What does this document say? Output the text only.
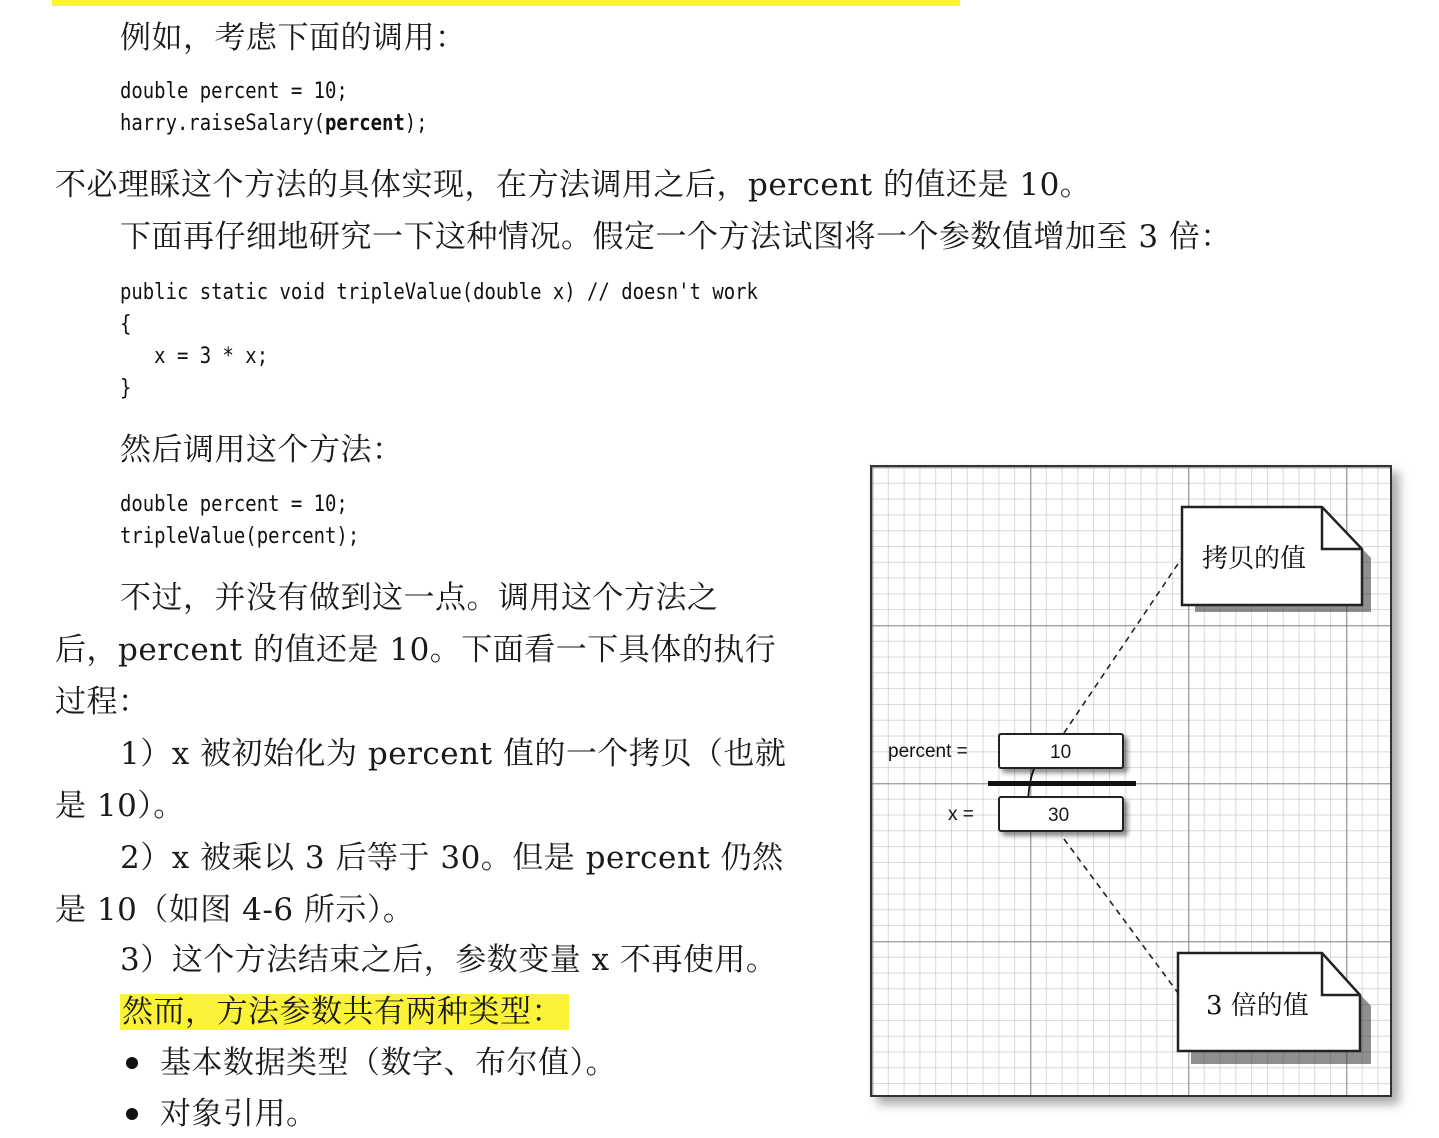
例如，考虑下面的调用：
double percent = 10;
harry.raiseSalary(percent);
不必理睬这个方法的具体实现，在方法调用之后，percent 的值还是 10。
下面再仔细地研究一下这种情况。假定一个方法试图将一个参数值增加至 3 倍：
public static void tripleValue(double x) // doesn't work
{
x = 3 * x;
}
然后调用这个方法：
double percent = 10;
tripleValue(percent);
不过，并没有做到这一点。调用这个方法之
后，percent 的值还是 10。下面看一下具体的执行
过程：
1）x 被初始化为 percent 值的一个拷贝（也就
是 10）。
2）x 被乘以 3 后等于 30。但是 percent 仍然
是 10（如图 4-6 所示）。
3）这个方法结束之后，参数变量 x 不再使用。
然而，方法参数共有两种类型：
基本数据类型（数字、布尔值）。
对象引用。
拷贝的值
3 倍的值
percent =	10
x =	30
